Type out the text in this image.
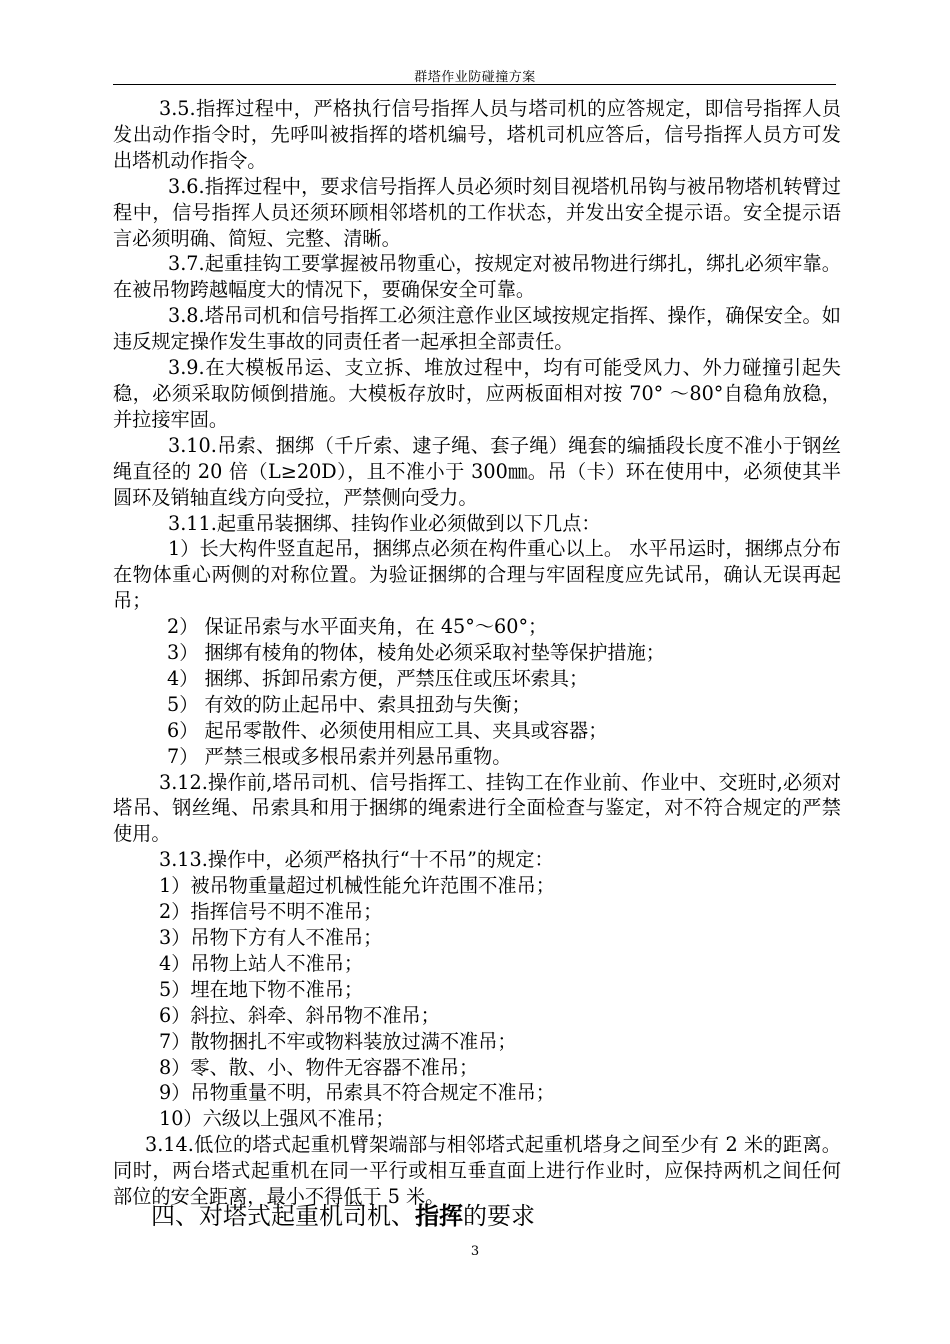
群塔作业防碰撞方案

3.5.指挥过程中，严格执行信号指挥人员与塔司机的应答规定，即信号指挥人员发出动作指令时，先呼叫被指挥的塔机编号，塔机司机应答后，信号指挥人员方可发出塔机动作指令。

3.6.指挥过程中，要求信号指挥人员必须时刻目视塔机吊钩与被吊物塔机转臂过程中，信号指挥人员还须环顾相邻塔机的工作状态，并发出安全提示语。安全提示语言必须明确、简短、完整、清晰。

3.7.起重挂钩工要掌握被吊物重心，按规定对被吊物进行绑扎，绑扎必须牢靠。在被吊物跨越幅度大的情况下，要确保安全可靠。

3.8.塔吊司机和信号指挥工必须注意作业区域按规定指挥、操作，确保安全。如违反规定操作发生事故的同责任者一起承担全部责任。

3.9.在大模板吊运、支立拆、堆放过程中，均有可能受风力、外力碰撞引起失稳，必须采取防倾倒措施。大模板存放时，应两板面相对按 70° ～80°自稳角放稳，并拉接牢固。

3.10.吊索、捆绑（千斤索、逮子绳、套子绳）绳套的编插段长度不准小于钢丝绳直径的 20 倍（L≥20D），且不准小于 300㎜。吊（卡）环在使用中，必须使其半圆环及销轴直线方向受拉，严禁侧向受力。

3.11.起重吊装捆绑、挂钩作业必须做到以下几点：

1）长大构件竖直起吊，捆绑点必须在构件重心以上。 水平吊运时，捆绑点分布在物体重心两侧的对称位置。为验证捆绑的合理与牢固程度应先试吊，确认无误再起吊；

2） 保证吊索与水平面夹角，在 45°～60°；

3） 捆绑有棱角的物体，棱角处必须采取衬垫等保护措施；

4） 捆绑、拆卸吊索方便，严禁压住或压坏索具；

5） 有效的防止起吊中、索具扭劲与失衡；

6） 起吊零散件、必须使用相应工具、夹具或容器；

7） 严禁三根或多根吊索并列悬吊重物。

3.12.操作前,塔吊司机、信号指挥工、挂钩工在作业前、作业中、交班时,必须对塔吊、钢丝绳、吊索具和用于捆绑的绳索进行全面检查与鉴定，对不符合规定的严禁使用。

3.13.操作中，必须严格执行“十不吊”的规定：

1）被吊物重量超过机械性能允许范围不准吊；

2）指挥信号不明不准吊；

3）吊物下方有人不准吊；

4）吊物上站人不准吊；

5）埋在地下物不准吊；

6）斜拉、斜牵、斜吊物不准吊；

7）散物捆扎不牢或物料装放过满不准吊；

8）零、散、小、物件无容器不准吊；

9）吊物重量不明，吊索具不符合规定不准吊；

10）六级以上强风不准吊；

3.14.低位的塔式起重机臂架端部与相邻塔式起重机塔身之间至少有 2 米的距离。同时，两台塔式起重机在同一平行或相互垂直面上进行作业时，应保持两机之间任何部位的安全距离，最小不得低于 5 米。

四、对塔式起重机司机、指挥的要求
3
